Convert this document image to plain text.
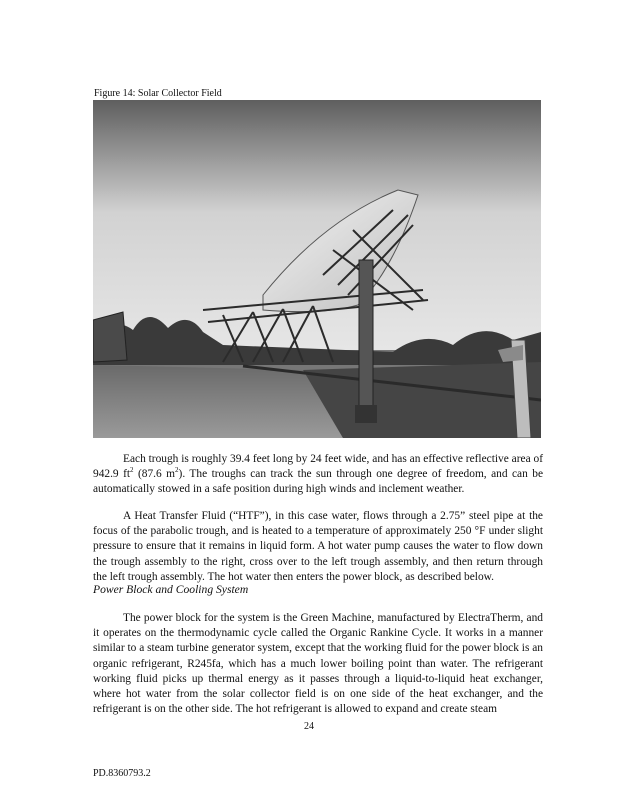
Figure 14: Solar Collector Field
Each trough is roughly 39.4 feet long by 24 feet wide, and has an effective reflective area of 942.9 $ft^2$ (87.6 $m^2$). The troughs can track the sun through one degree of freedom, and can be automatically stowed in a safe position during high winds and inclement weather.
A Heat Transfer Fluid (“HTF”), in this case water, flows through a 2.75” steel pipe at the focus of the parabolic trough, and is heated to a temperature of approximately 250 °F under slight pressure to ensure that it remains in liquid form. A hot water pump causes the water to flow down the trough assembly to the right, cross over to the left trough assembly, and then return through the left trough assembly. The hot water then enters the power block, as described below.
Power Block and Cooling System
The power block for the system is the Green Machine, manufactured by ElectraTherm, and it operates on the thermodynamic cycle called the Organic Rankine Cycle. It works in a manner similar to a steam turbine generator system, except that the working fluid for the power block is an organic refrigerant, R245fa, which has a much lower boiling point than water. The refrigerant working fluid picks up thermal energy as it passes through a liquid-to-liquid heat exchanger, where hot water from the solar collector field is on one side of the heat exchanger, and the refrigerant is on the other side. The hot refrigerant is allowed to expand and create steam
24
PD.8360793.2
